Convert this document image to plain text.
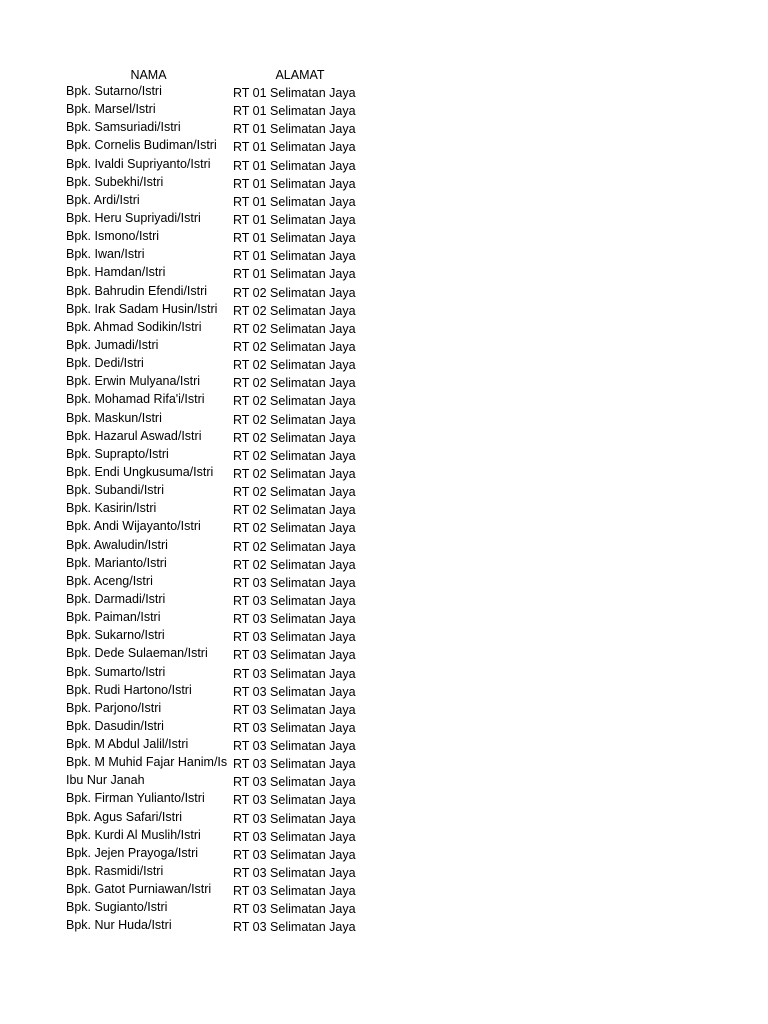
NAMA	ALAMAT
Bpk. Sutarno/Istri	RT 01 Selimatan Jaya
Bpk. Marsel/Istri	RT 01 Selimatan Jaya
Bpk. Samsuriadi/Istri	RT 01 Selimatan Jaya
Bpk. Cornelis Budiman/Istri	RT 01 Selimatan Jaya
Bpk. Ivaldi Supriyanto/Istri	RT 01 Selimatan Jaya
Bpk. Subekhi/Istri	RT 01 Selimatan Jaya
Bpk. Ardi/Istri	RT 01 Selimatan Jaya
Bpk. Heru Supriyadi/Istri	RT 01 Selimatan Jaya
Bpk. Ismono/Istri	RT 01 Selimatan Jaya
Bpk. Iwan/Istri	RT 01 Selimatan Jaya
Bpk. Hamdan/Istri	RT 01 Selimatan Jaya
Bpk. Bahrudin Efendi/Istri	RT 02 Selimatan Jaya
Bpk. Irak Sadam Husin/Istri	RT 02 Selimatan Jaya
Bpk. Ahmad Sodikin/Istri	RT 02 Selimatan Jaya
Bpk. Jumadi/Istri	RT 02 Selimatan Jaya
Bpk. Dedi/Istri	RT 02 Selimatan Jaya
Bpk. Erwin Mulyana/Istri	RT 02 Selimatan Jaya
Bpk. Mohamad Rifa'i/Istri	RT 02 Selimatan Jaya
Bpk. Maskun/Istri	RT 02 Selimatan Jaya
Bpk. Hazarul Aswad/Istri	RT 02 Selimatan Jaya
Bpk. Suprapto/Istri	RT 02 Selimatan Jaya
Bpk. Endi Ungkusuma/Istri	RT 02 Selimatan Jaya
Bpk. Subandi/Istri	RT 02 Selimatan Jaya
Bpk. Kasirin/Istri	RT 02 Selimatan Jaya
Bpk. Andi Wijayanto/Istri	RT 02 Selimatan Jaya
Bpk. Awaludin/Istri	RT 02 Selimatan Jaya
Bpk. Marianto/Istri	RT 02 Selimatan Jaya
Bpk. Aceng/Istri	RT 03 Selimatan Jaya
Bpk. Darmadi/Istri	RT 03 Selimatan Jaya
Bpk. Paiman/Istri	RT 03 Selimatan Jaya
Bpk. Sukarno/Istri	RT 03 Selimatan Jaya
Bpk. Dede Sulaeman/Istri	RT 03 Selimatan Jaya
Bpk. Sumarto/Istri	RT 03 Selimatan Jaya
Bpk. Rudi Hartono/Istri	RT 03 Selimatan Jaya
Bpk. Parjono/Istri	RT 03 Selimatan Jaya
Bpk. Dasudin/Istri	RT 03 Selimatan Jaya
Bpk. M Abdul Jalil/Istri	RT 03 Selimatan Jaya
Bpk. M Muhid Fajar Hanim/Is RT 03 Selimatan Jaya
Ibu Nur Janah	RT 03 Selimatan Jaya
Bpk. Firman Yulianto/Istri	RT 03 Selimatan Jaya
Bpk. Agus Safari/Istri	RT 03 Selimatan Jaya
Bpk. Kurdi Al Muslih/Istri	RT 03 Selimatan Jaya
Bpk. Jejen Prayoga/Istri	RT 03 Selimatan Jaya
Bpk. Rasmidi/Istri	RT 03 Selimatan Jaya
Bpk. Gatot Purniawan/Istri	RT 03 Selimatan Jaya
Bpk. Sugianto/Istri	RT 03 Selimatan Jaya
Bpk. Nur Huda/Istri	RT 03 Selimatan Jaya
